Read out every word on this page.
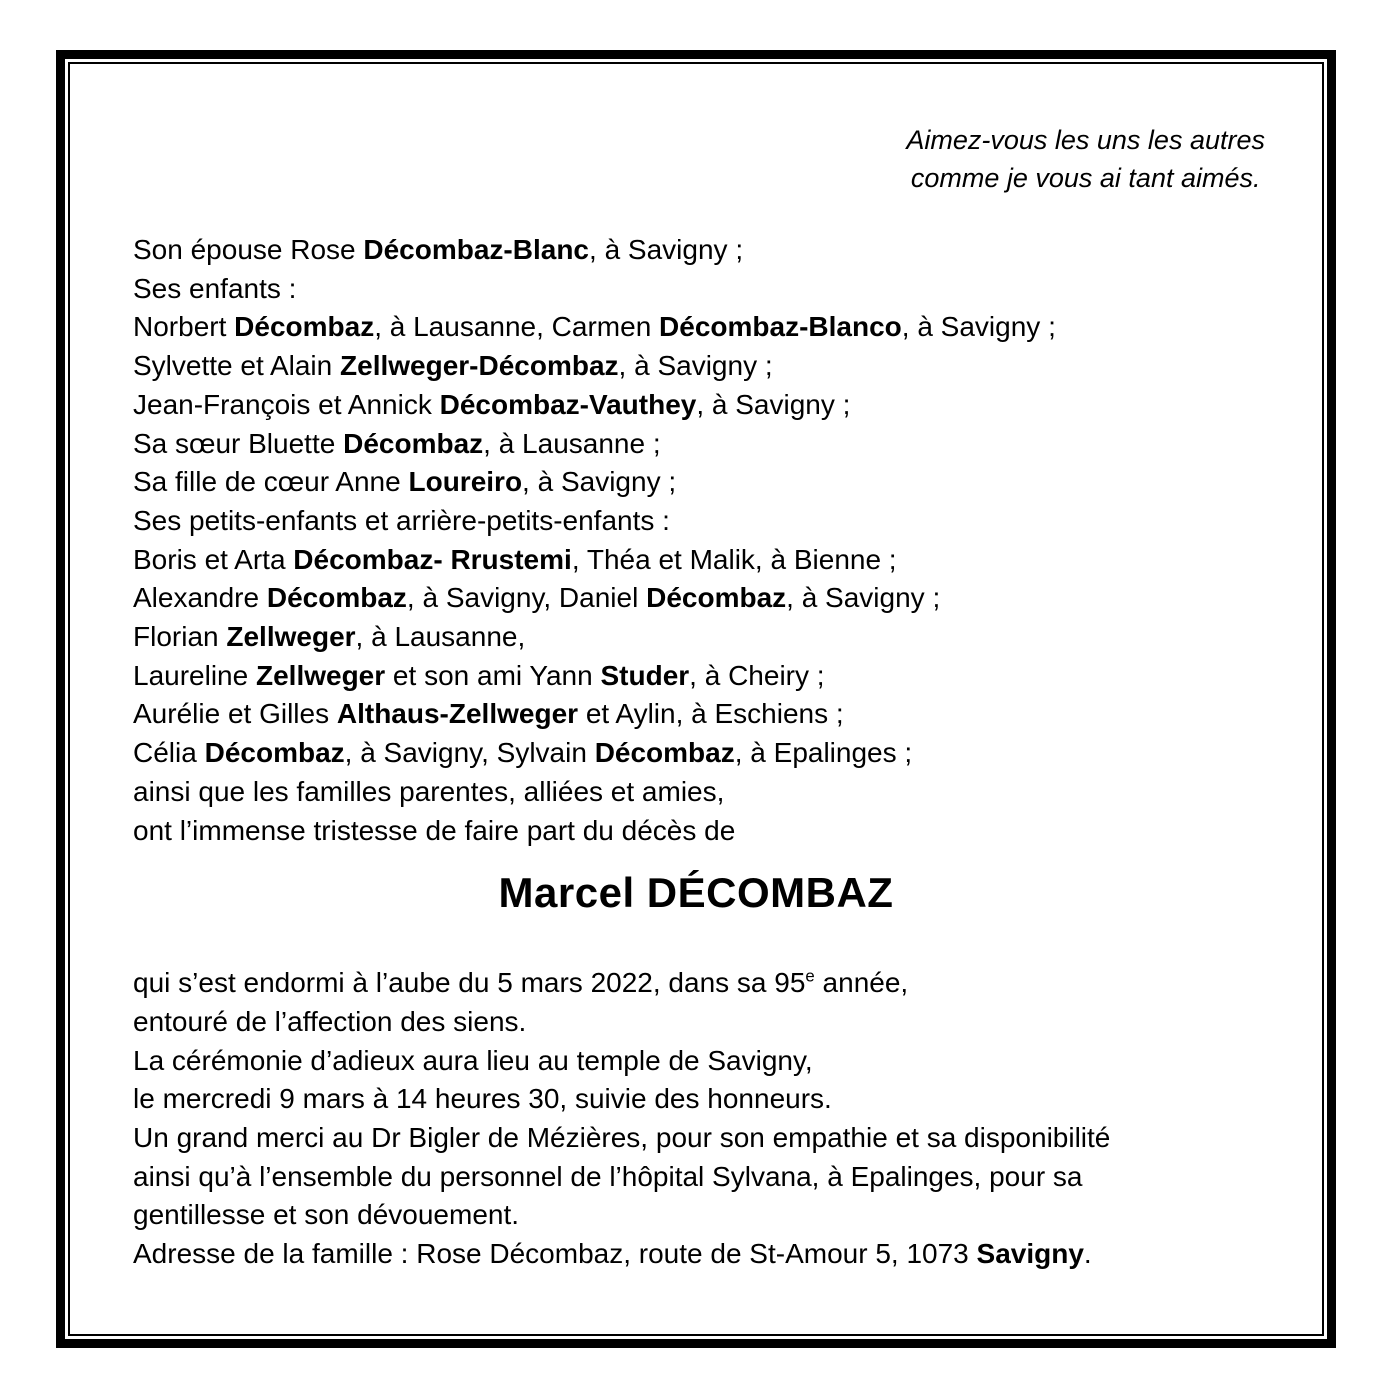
Aimez-vous les uns les autres
comme je vous ai tant aimés.
Son épouse Rose Décombaz-Blanc, à Savigny ;
Ses enfants :
Norbert Décombaz, à Lausanne, Carmen Décombaz-Blanco, à Savigny ;
Sylvette et Alain Zellweger-Décombaz, à Savigny ;
Jean-François et Annick Décombaz-Vauthey, à Savigny ;
Sa sœur Bluette Décombaz, à Lausanne ;
Sa fille de cœur Anne Loureiro, à Savigny ;
Ses petits-enfants et arrière-petits-enfants :
Boris et Arta Décombaz- Rrustemi, Théa et Malik, à Bienne ;
Alexandre Décombaz, à Savigny, Daniel Décombaz, à Savigny ;
Florian Zellweger, à Lausanne,
Laureline Zellweger et son ami Yann Studer, à Cheiry ;
Aurélie et Gilles Althaus-Zellweger et Aylin, à Eschiens ;
Célia Décombaz, à Savigny, Sylvain Décombaz, à Epalinges ;
ainsi que les familles parentes, alliées et amies,
ont l’immense tristesse de faire part du décès de
Marcel DÉCOMBAZ
qui s’est endormi à l’aube du 5 mars 2022, dans sa 95e année,
entouré de l’affection des siens.
La cérémonie d’adieux aura lieu au temple de Savigny,
le mercredi 9 mars à 14 heures 30, suivie des honneurs.
Un grand merci au Dr Bigler de Mézières, pour son empathie et sa disponibilité
ainsi qu’à l’ensemble du personnel de l’hôpital Sylvana, à Epalinges, pour sa
gentillesse et son dévouement.
Adresse de la famille : Rose Décombaz, route de St-Amour 5, 1073 Savigny.
